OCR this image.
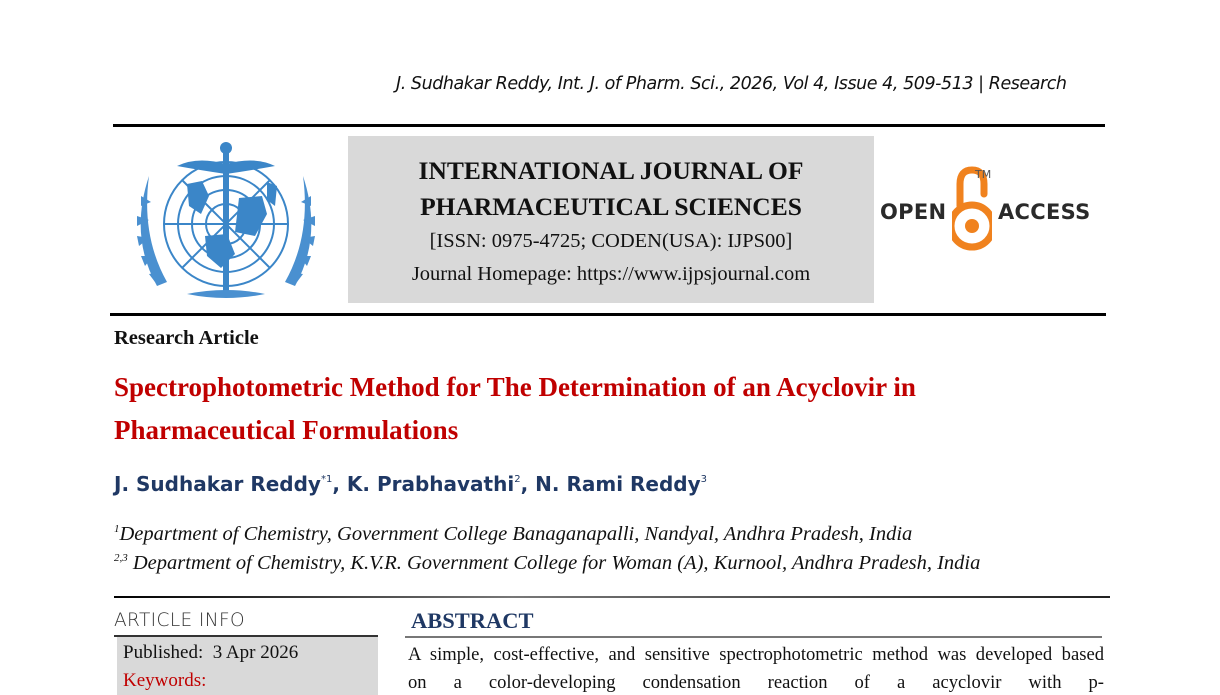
J. Sudhakar Reddy, Int. J. of Pharm. Sci., 2026, Vol 4, Issue 4, 509-513 | Research
INTERNATIONAL JOURNAL OF
PHARMACEUTICAL SCIENCES
[ISSN: 0975-4725; CODEN(USA): IJPS00]
Journal Homepage: https://www.ijpsjournal.com
OPEN
TM
ACCESS
Research Article
Spectrophotometric Method for The Determination of an Acyclovir in Pharmaceutical Formulations
J. Sudhakar Reddy$^{*1}$, K. Prabhavathi$^2$, N. Rami Reddy$^3$
$^1$Department of Chemistry, Government College Banaganapalli, Nandyal, Andhra Pradesh, India
$^{2,3}$ Department of Chemistry, K.V.R. Government College for Woman (A), Kurnool, Andhra Pradesh, India
ARTICLE INFO
Published: 3 Apr 2026
Keywords:
ABSTRACT
A simple, cost-effective, and sensitive spectrophotometric method was developed based
on a color-developing condensation reaction of a acyclovir with p-
